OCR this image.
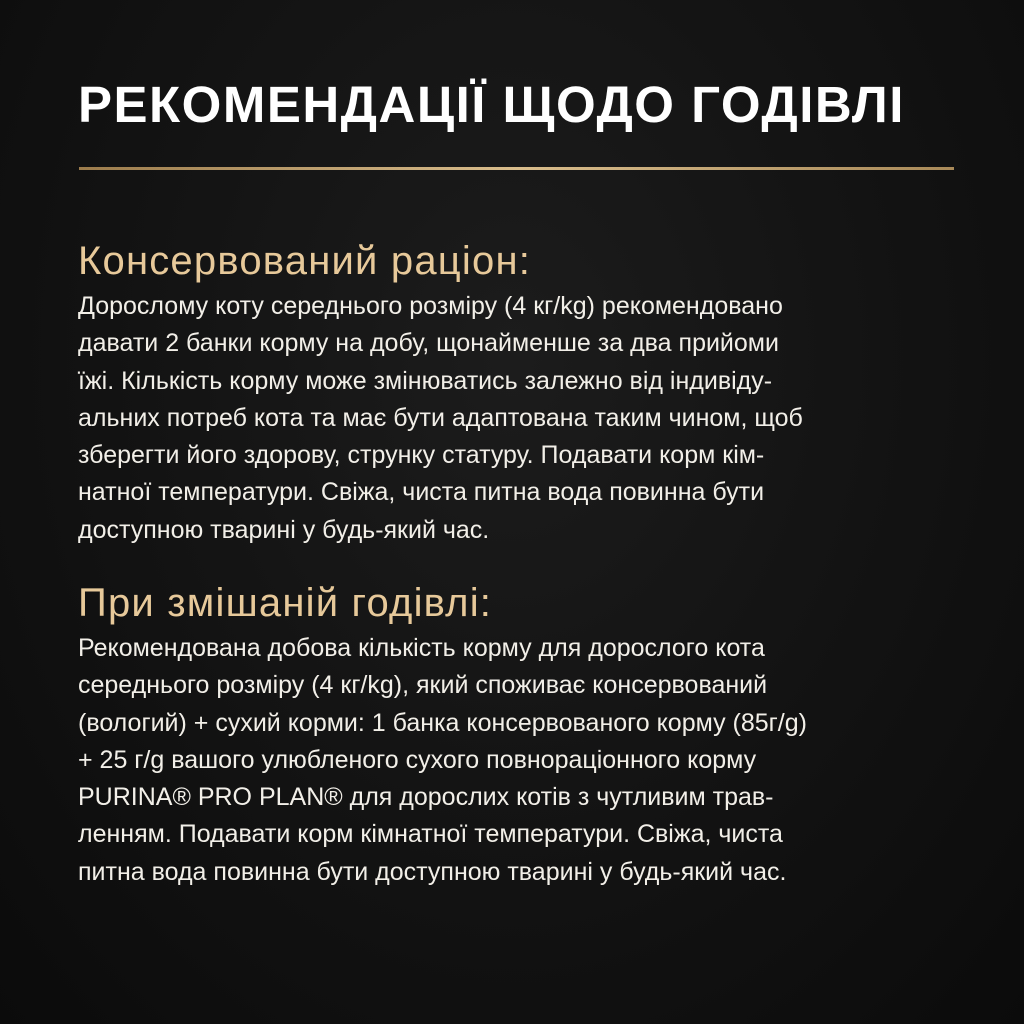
РЕКОМЕНДАЦІЇ ЩОДО ГОДІВЛІ
Консервований раціон:
Дорослому коту середнього розміру (4 кг/kg) рекомендовано
давати 2 банки корму на добу, щонайменше за два прийоми
їжі. Кількість корму може змінюватись залежно від індивіду-
альних потреб кота та має бути адаптована таким чином, щоб
зберегти його здорову, струнку статуру. Подавати корм кім-
натної температури. Свіжа, чиста питна вода повинна бути
доступною тварині у будь-який час.
При змішаній годівлі:
Рекомендована добова кількість корму для дорослого кота
середнього розміру (4 кг/kg), який споживає консервований
(вологий) + сухий корми: 1 банка консервованого корму (85г/g)
+ 25 г/g вашого улюбленого сухого повнораціонного корму
PURINA® PRO PLAN® для дорослих котів з чутливим трав-
ленням. Подавати корм кімнатної температури. Свіжа, чиста
питна вода повинна бути доступною тварині у будь-який час.
